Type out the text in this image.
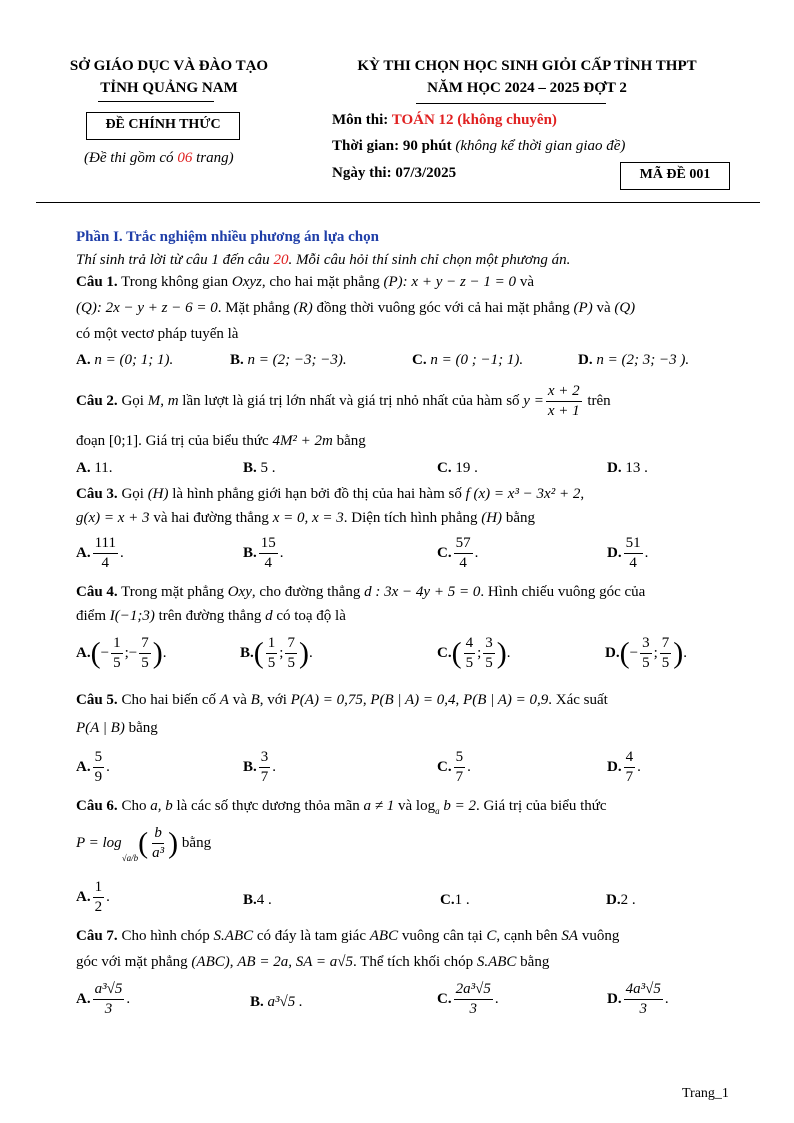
SỞ GIÁO DỤC VÀ ĐÀO TẠO
TỈNH QUẢNG NAM
KỲ THI CHỌN HỌC SINH GIỎI CẤP TỈNH THPT
NĂM HỌC 2024 – 2025 ĐỢT 2
ĐỀ CHÍNH THỨC
(Đề thi gồm có 06 trang)
Môn thi: TOÁN 12 (không chuyên)
Thời gian: 90 phút (không kể thời gian giao đề)
Ngày thi: 07/3/2025	MÃ ĐỀ 001
Phần I. Trắc nghiệm nhiều phương án lựa chọn
Thí sinh trả lời từ câu 1 đến câu 20. Mỗi câu hỏi thí sinh chỉ chọn một phương án.
Câu 1. Trong không gian Oxyz, cho hai mặt phẳng (P): x + y − z − 1 = 0 và
(Q): 2x − y + z − 6 = 0. Mặt phẳng (R) đồng thời vuông góc với cả hai mặt phẳng (P) và (Q)
có một vectơ pháp tuyến là
A. n = (0; 1; 1).	B. n = (2; −3; −3).	C. n = (0 ; −1; 1).	D. n = (2; 3; −3 ).
Câu 2. Gọi M, m lần lượt là giá trị lớn nhất và giá trị nhỏ nhất của hàm số $y = \frac{x + 2}{x + 1}$ trên
đoạn [0;1]. Giá trị của biểu thức 4M² + 2m bằng
A. 11.	B. 5 .	C. 19 .	D. 13 .
Câu 3. Gọi (H) là hình phẳng giới hạn bởi đồ thị của hai hàm số f (x) = x³ − 3x² + 2,
g(x) = x + 3 và hai đường thẳng x = 0, x = 3. Diện tích hình phẳng (H) bằng
A. $\frac{111}{4}$ .	B. $\frac{15}{4}$ .	C. $\frac{57}{4}$ .	D. $\frac{51}{4}$ .
Câu 4. Trong mặt phẳng Oxy, cho đường thẳng d : 3x − 4y + 5 = 0. Hình chiếu vuông góc của
điểm I(−1;3) trên đường thẳng d có toạ độ là
$A.(- \frac{1}{5}$ ;− $\frac{7}{5}$ ).	$B.( \frac{1}{5}$ ; $\frac{7}{5}$ ).	$C.( \frac{4}{5}$ ; $\frac{3}{5}$ ).	$D.(- \frac{3}{5}$ ; $\frac{7}{5}$ ).
Câu 5. Cho hai biến cố A và B, với P(A) = 0,75, P(B | A) = 0,4, P(B | A) = 0,9. Xác suất
P(A | B) bằng
A. $\frac{5}{9}$ .	B. $\frac{3}{7}$ .	C. $\frac{5}{7}$ .	D. $\frac{4}{7}$ .
Câu 6. Cho a, b là các số thực dương thỏa mãn a ≠ 1 và $\log_a b = 2$. Giá trị của biểu thức
$P = \log√a/b( \frac{b}{\text{a³}}$ ) bằng
A. $\frac{1}{2}$ .	B.4 .	C.1 .	D.2 .
Câu 7. Cho hình chóp S.ABC có đáy là tam giác ABC vuông cân tại C, cạnh bên SA vuông
góc với mặt phẳng (ABC), AB = 2a, SA = a√5. Thể tích khối chóp S.ABC bằng
A. $\frac{\text{a³√5}}{3}$ .	B. a³√5 .	C. $\frac{\text{2a³√5}}{3}$ .	D. $\frac{\text{4a³√5}}{3}$ .
Trang_1
